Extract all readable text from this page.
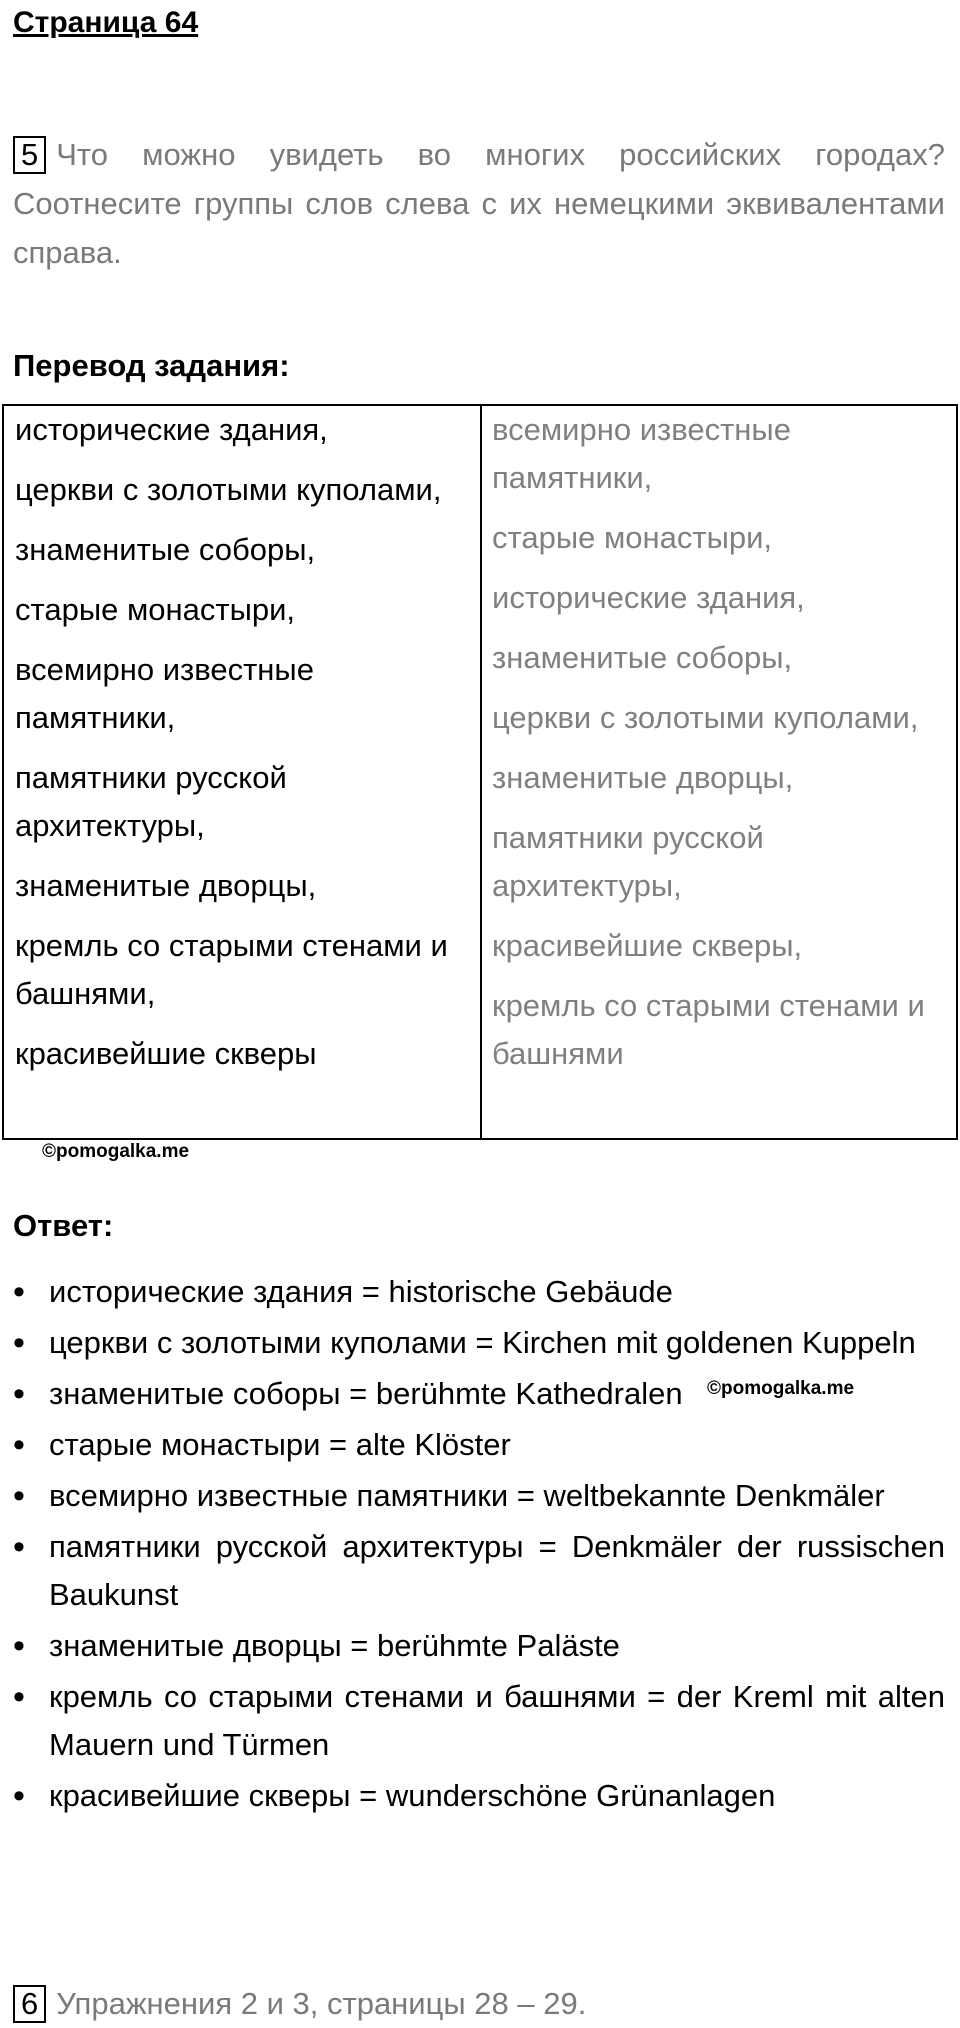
Страница 64
5 Что можно увидеть во многих российских городах? Соотнесите группы слов слева с их немецкими эквивалентами справа.
Перевод задания:
исторические здания,
церкви с золотыми куполами,
знаменитые соборы,
старые монастыри,
всемирно известные памятники,
памятники русской архитектуры,
знаменитые дворцы,
кремль со старыми стенами и башнями,
красивейшие скверы
всемирно известные памятники,
старые монастыри,
исторические здания,
знаменитые соборы,
церкви с золотыми куполами,
знаменитые дворцы,
памятники русской архитектуры,
красивейшие скверы,
кремль со старыми стенами и башнями
©pomogalka.me
Ответ:
• исторические здания = historische Gebäude
• церкви с золотыми куполами = Kirchen mit goldenen Kuppeln
• знаменитые соборы = berühmte Kathedralen
• старые монастыри = alte Klöster
• всемирно известные памятники = weltbekannte Denkmäler
• памятники русской архитектуры = Denkmäler der russischen Baukunst
• знаменитые дворцы = berühmte Paläste
• кремль со старыми стенами и башнями = der Kreml mit alten Mauern und Türmen
• красивейшие скверы = wunderschöne Grünanlagen
©pomogalka.me
6 Упражнения 2 и 3, страницы 28 – 29.
